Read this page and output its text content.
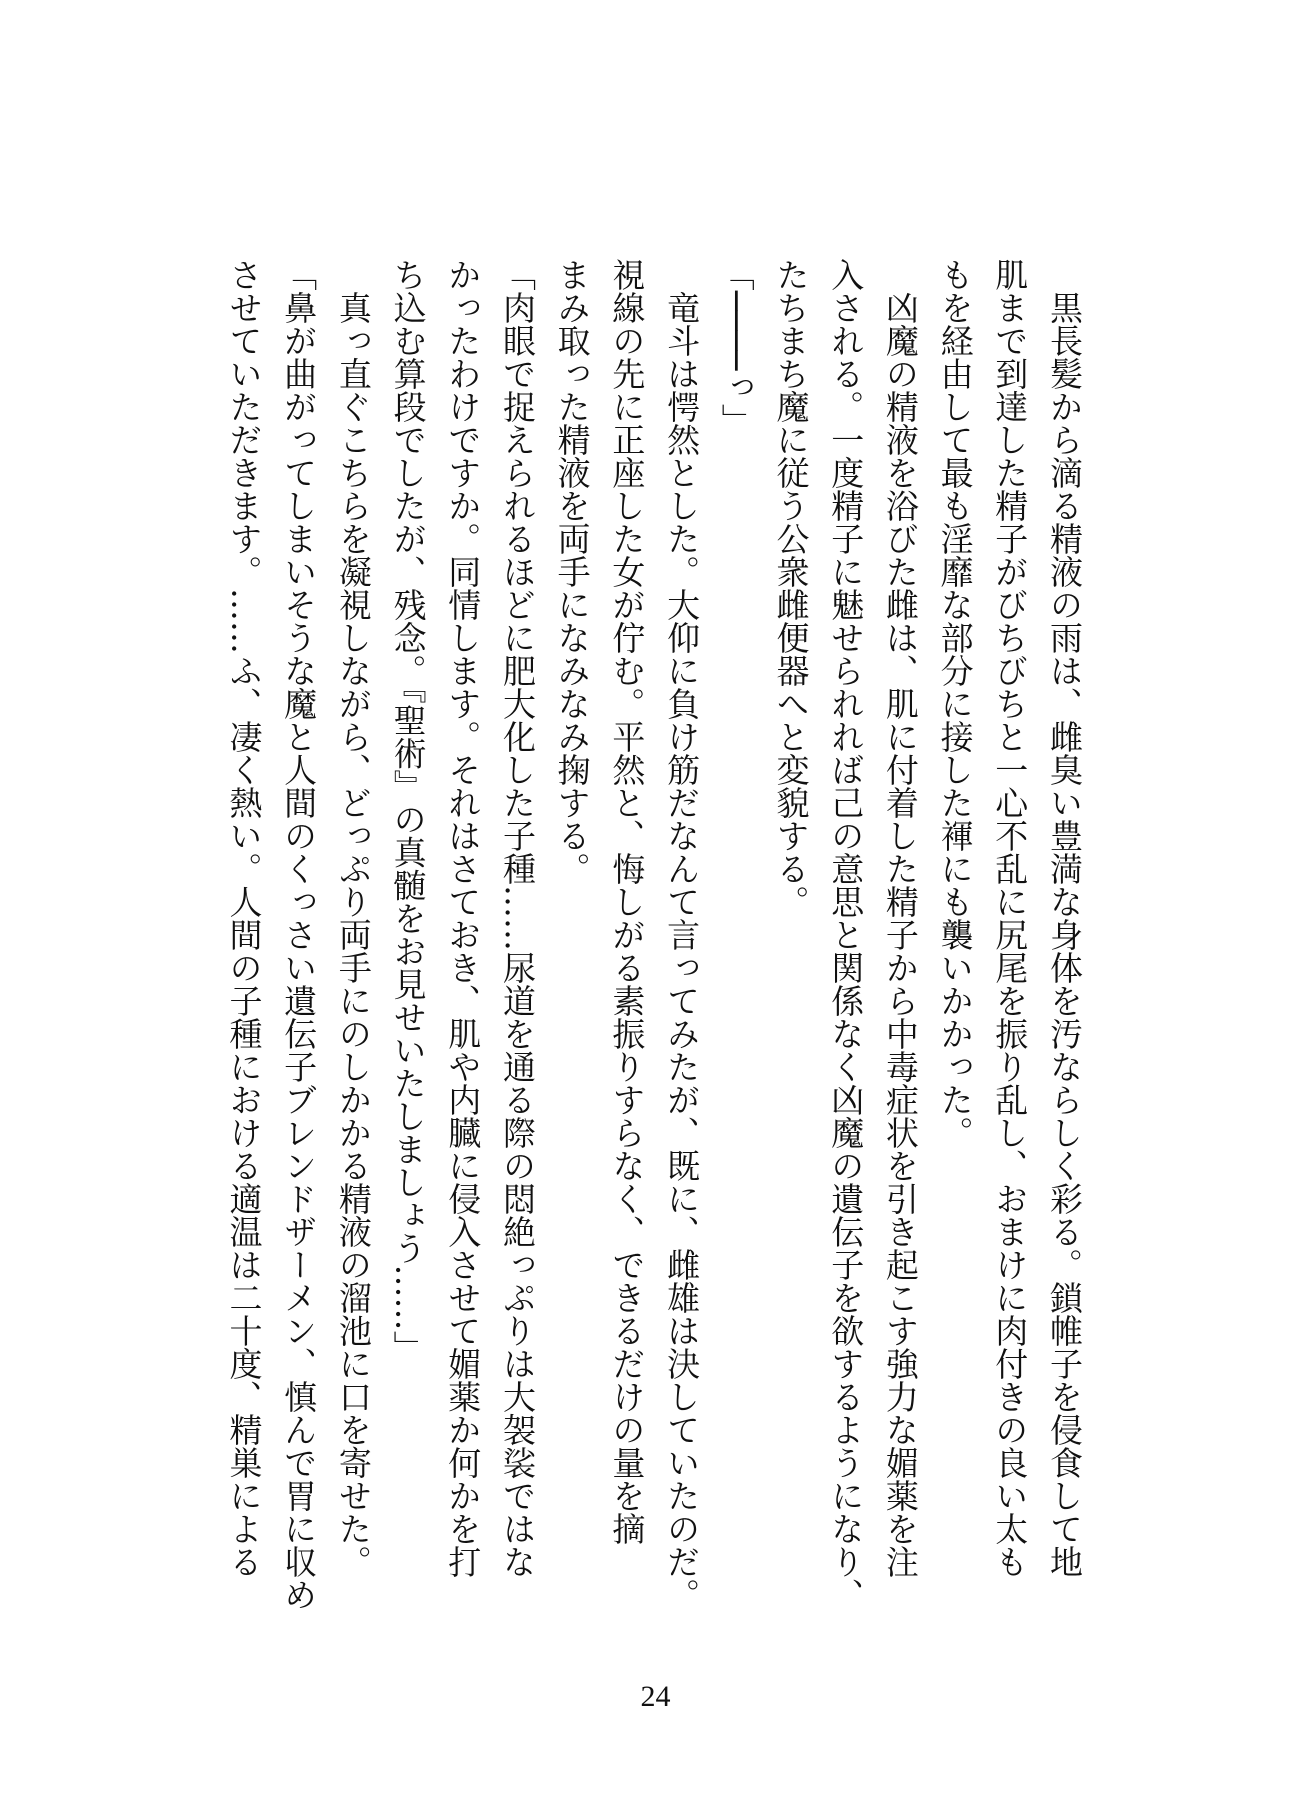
　黒長髪から滴る精液の雨は、雌臭い豊満な身体を汚ならしく彩る。鎖帷子を侵食して地
肌まで到達した精子がびちびちと一心不乱に尻尾を振り乱し、おまけに肉付きの良い太も
もを経由して最も淫靡な部分に接した褌にも襲いかかった。
　凶魔の精液を浴びた雌は、肌に付着した精子から中毒症状を引き起こす強力な媚薬を注
入される。一度精子に魅せられれば己の意思と関係なく凶魔の遺伝子を欲するようになり、
たちまち魔に従う公衆雌便器へと変貌する。
「────っ」
　竜斗は愕然とした。大仰に負け筋だなんて言ってみたが、既に、雌雄は決していたのだ。
視線の先に正座した女が佇む。平然と、悔しがる素振りすらなく、できるだけの量を摘
まみ取った精液を両手になみなみ掬する。
「肉眼で捉えられるほどに肥大化した子種……尿道を通る際の悶絶っぷりは大袈裟ではな
かったわけですか。同情します。それはさておき、肌や内臓に侵入させて媚薬か何かを打
ち込む算段でしたが、残念。『聖術』の真髄をお見せいたしましょう……」
　真っ直ぐこちらを凝視しながら、どっぷり両手にのしかかる精液の溜池に口を寄せた。
「鼻が曲がってしまいそうな魔と人間のくっさい遺伝子ブレンドザーメン、慎んで胃に収め
させていただきます。……ふ、凄く熱い。人間の子種における適温は二十度、精巣による
24
